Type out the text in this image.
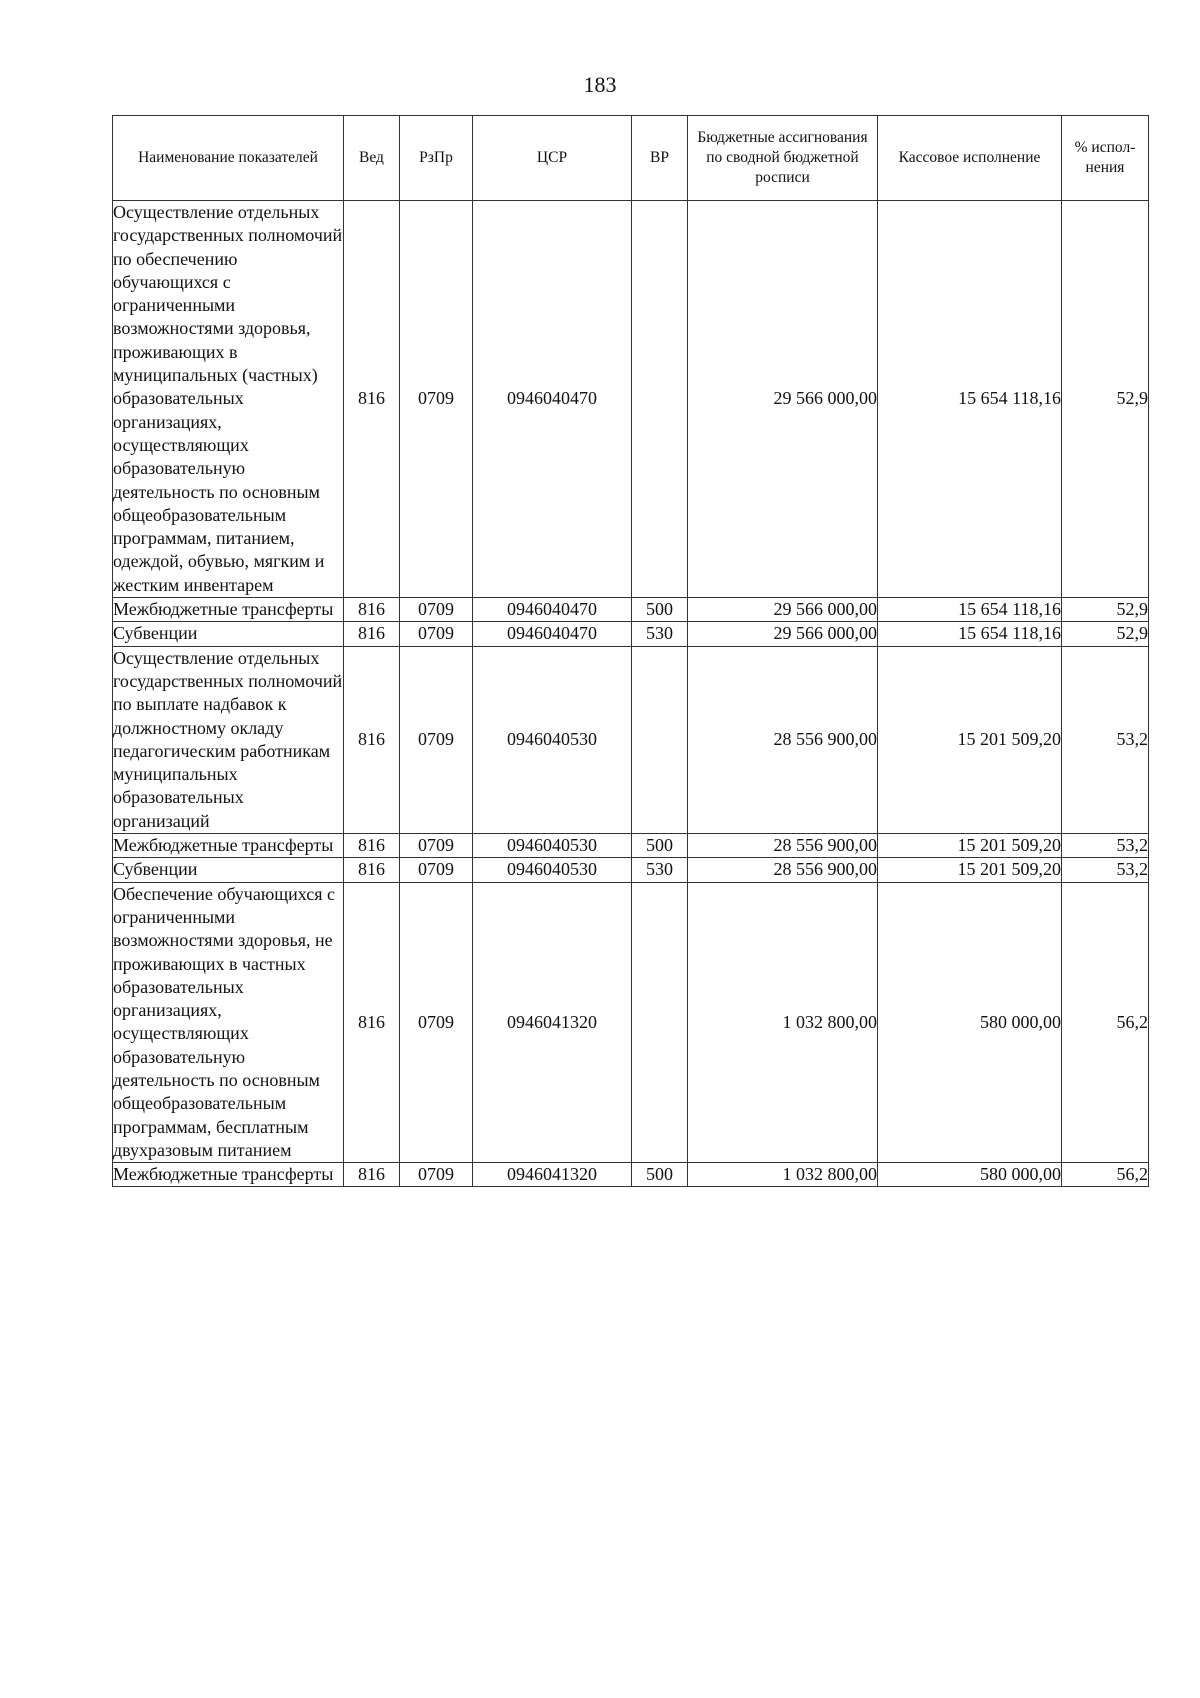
183
Наименование показателей	Вед	РзПр	ЦСР	ВР	Бюджетные ассигнования по сводной бюджетной росписи	Кассовое исполнение	% испол-нения
Осуществление отдельных государственных полномочий по обеспечению обучающихся с ограниченными возможностями здоровья, проживающих в муниципальных (частных) образовательных организациях, осуществляющих образовательную деятельность по основным общеобразовательным программам, питанием, одеждой, обувью, мягким и жестким инвентарем	816	0709	0946040470		29 566 000,00	15 654 118,16	52,9
Межбюджетные трансферты	816	0709	0946040470	500	29 566 000,00	15 654 118,16	52,9
Субвенции	816	0709	0946040470	530	29 566 000,00	15 654 118,16	52,9
Осуществление отдельных государственных полномочий по выплате надбавок к должностному окладу педагогическим работникам муниципальных образовательных организаций	816	0709	0946040530		28 556 900,00	15 201 509,20	53,2
Межбюджетные трансферты	816	0709	0946040530	500	28 556 900,00	15 201 509,20	53,2
Субвенции	816	0709	0946040530	530	28 556 900,00	15 201 509,20	53,2
Обеспечение обучающихся с ограниченными возможностями здоровья, не проживающих в частных образовательных организациях, осуществляющих образовательную деятельность по основным общеобразовательным программам, бесплатным двухразовым питанием	816	0709	0946041320		1 032 800,00	580 000,00	56,2
Межбюджетные трансферты	816	0709	0946041320	500	1 032 800,00	580 000,00	56,2
